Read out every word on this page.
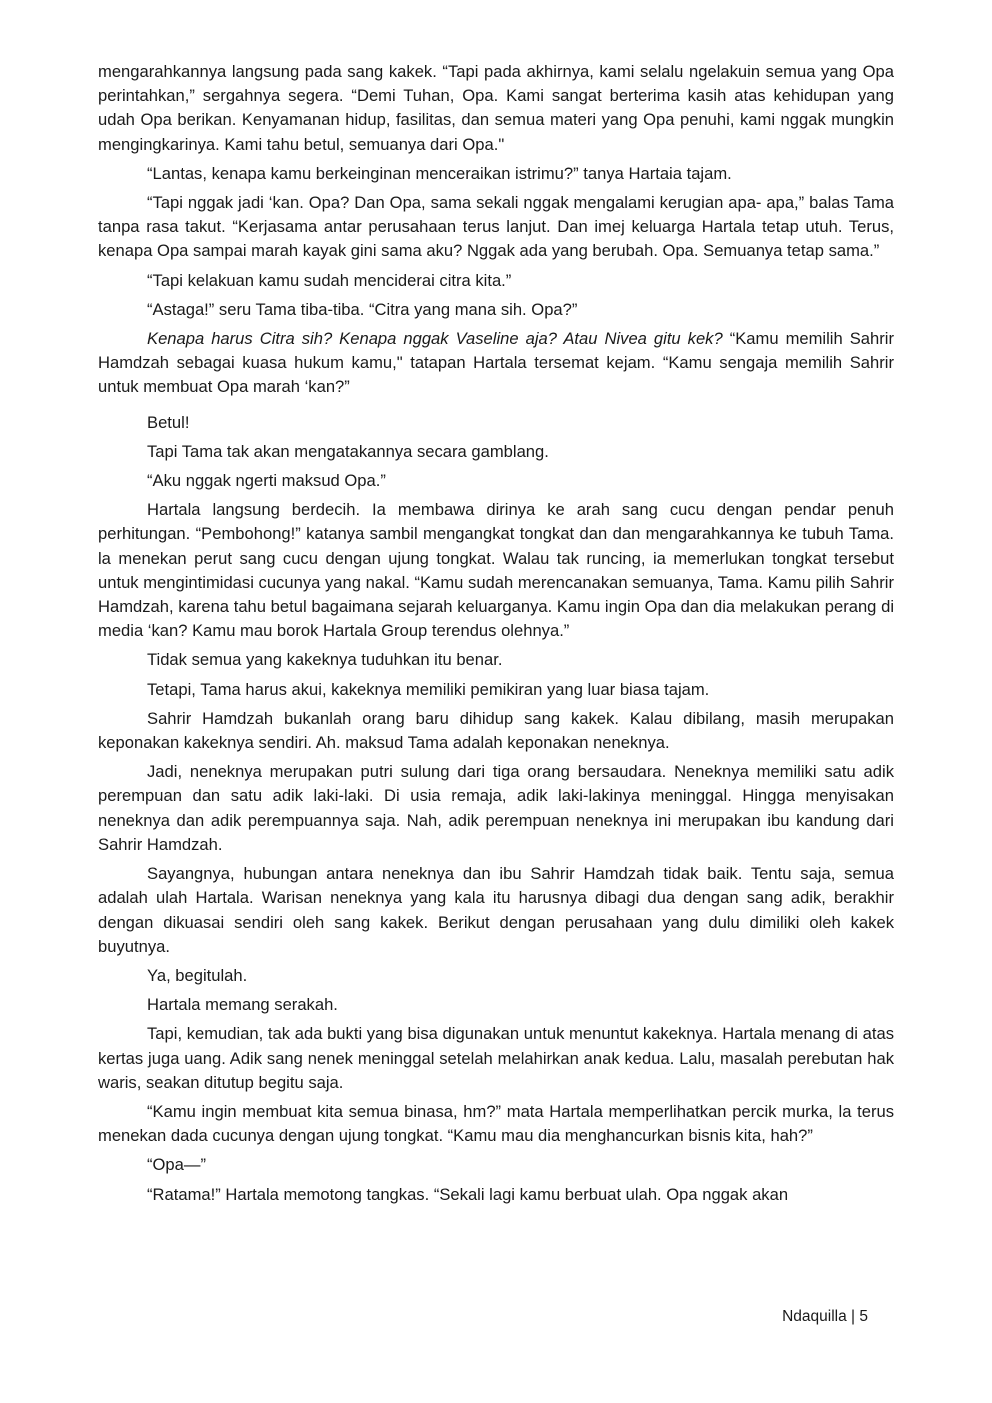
mengarahkannya langsung pada sang kakek. “Tapi pada akhirnya, kami selalu ngelakuin semua yang Opa perintahkan,” sergahnya segera. “Demi Tuhan, Opa. Kami sangat berterima kasih atas kehidupan yang udah Opa berikan. Kenyamanan hidup, fasilitas, dan semua materi yang Opa penuhi, kami nggak mungkin mengingkarinya. Kami tahu betul, semuanya dari Opa."

“Lantas, kenapa kamu berkeinginan menceraikan istrimu?” tanya Hartaia tajam.

“Tapi nggak jadi ‘kan. Opa? Dan Opa, sama sekali nggak mengalami kerugian apa- apa,” balas Tama tanpa rasa takut. “Kerjasama antar perusahaan terus lanjut. Dan imej keluarga Hartala tetap utuh. Terus, kenapa Opa sampai marah kayak gini sama aku? Nggak ada yang berubah. Opa. Semuanya tetap sama.”

“Tapi kelakuan kamu sudah menciderai citra kita.”

“Astaga!” seru Tama tiba-tiba. “Citra yang mana sih. Opa?”

Kenapa harus Citra sih? Kenapa nggak Vaseline aja? Atau Nivea gitu kek? “Kamu memilih Sahrir Hamdzah sebagai kuasa hukum kamu," tatapan Hartala tersemat kejam. “Kamu sengaja memilih Sahrir untuk membuat Opa marah ‘kan?”

Betul!

Tapi Tama tak akan mengatakannya secara gamblang.

“Aku nggak ngerti maksud Opa.”

Hartala langsung berdecih. Ia membawa dirinya ke arah sang cucu dengan pendar penuh perhitungan. “Pembohong!” katanya sambil mengangkat tongkat dan dan mengarahkannya ke tubuh Tama. la menekan perut sang cucu dengan ujung tongkat. Walau tak runcing, ia memerlukan tongkat tersebut untuk mengintimidasi cucunya yang nakal. “Kamu sudah merencanakan semuanya, Tama. Kamu pilih Sahrir Hamdzah, karena tahu betul bagaimana sejarah keluarganya. Kamu ingin Opa dan dia melakukan perang di media ‘kan? Kamu mau borok Hartala Group terendus olehnya.”

Tidak semua yang kakeknya tuduhkan itu benar.

Tetapi, Tama harus akui, kakeknya memiliki pemikiran yang luar biasa tajam.

Sahrir Hamdzah bukanlah orang baru dihidup sang kakek. Kalau dibilang, masih merupakan keponakan kakeknya sendiri. Ah. maksud Tama adalah keponakan neneknya.

Jadi, neneknya merupakan putri sulung dari tiga orang bersaudara. Neneknya memiliki satu adik perempuan dan satu adik laki-laki. Di usia remaja, adik laki-lakinya meninggal. Hingga menyisakan neneknya dan adik perempuannya saja. Nah, adik perempuan neneknya ini merupakan ibu kandung dari Sahrir Hamdzah.

Sayangnya, hubungan antara neneknya dan ibu Sahrir Hamdzah tidak baik. Tentu saja, semua adalah ulah Hartala. Warisan neneknya yang kala itu harusnya dibagi dua dengan sang adik, berakhir dengan dikuasai sendiri oleh sang kakek. Berikut dengan perusahaan yang dulu dimiliki oleh kakek buyutnya.

Ya, begitulah.

Hartala memang serakah.

Tapi, kemudian, tak ada bukti yang bisa digunakan untuk menuntut kakeknya. Hartala menang di atas kertas juga uang. Adik sang nenek meninggal setelah melahirkan anak kedua. Lalu, masalah perebutan hak waris, seakan ditutup begitu saja.

“Kamu ingin membuat kita semua binasa, hm?” mata Hartala memperlihatkan percik murka, la terus menekan dada cucunya dengan ujung tongkat. “Kamu mau dia menghancurkan bisnis kita, hah?”

“Opa—”

“Ratama!” Hartala memotong tangkas. “Sekali lagi kamu berbuat ulah. Opa nggak akan

Ndaquilla | 5
